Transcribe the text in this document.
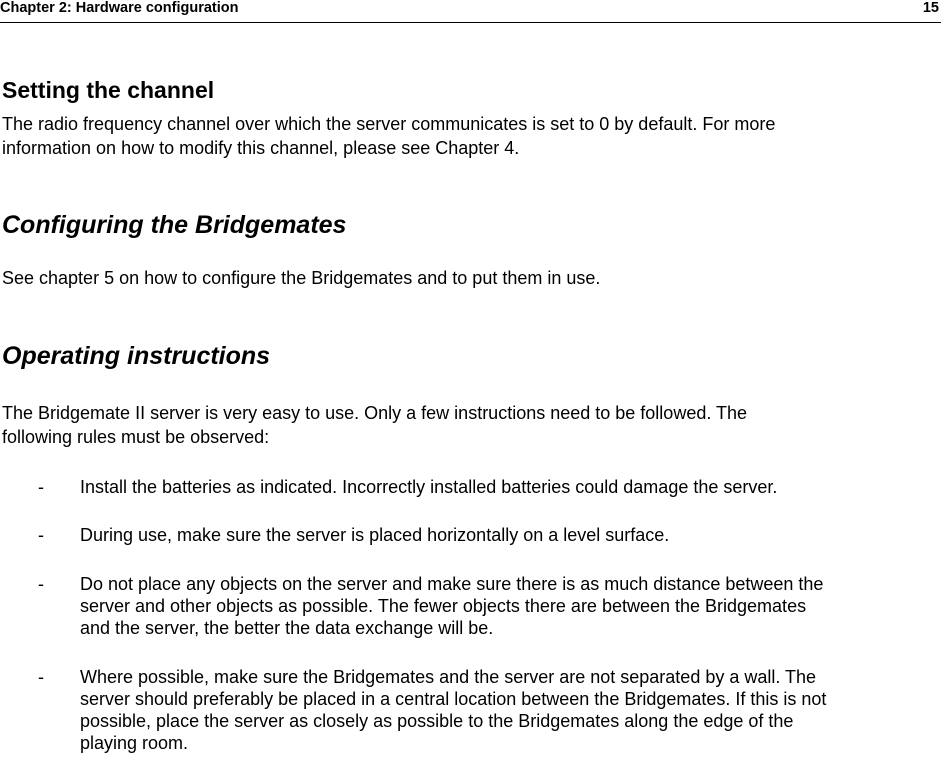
Chapter 2: Hardware configuration	15
Setting the channel

The radio frequency channel over which the server communicates is set to 0 by default. For more

information on how to modify this channel, please see Chapter 4.

Configuring the Bridgemates

See chapter 5 on how to configure the Bridgemates and to put them in use.

Operating instructions

The Bridgemate II server is very easy to use. Only a few instructions need to be followed. The

following rules must be observed:

- Install the batteries as indicated. Incorrectly installed batteries could damage the server.
- During use, make sure the server is placed horizontally on a level surface.
- Do not place any objects on the server and make sure there is as much distance between the
server and other objects as possible. The fewer objects there are between the Bridgemates
and the server, the better the data exchange will be.
- Where possible, make sure the Bridgemates and the server are not separated by a wall. The
server should preferably be placed in a central location between the Bridgemates. If this is not
possible, place the server as closely as possible to the Bridgemates along the edge of the
playing room.
